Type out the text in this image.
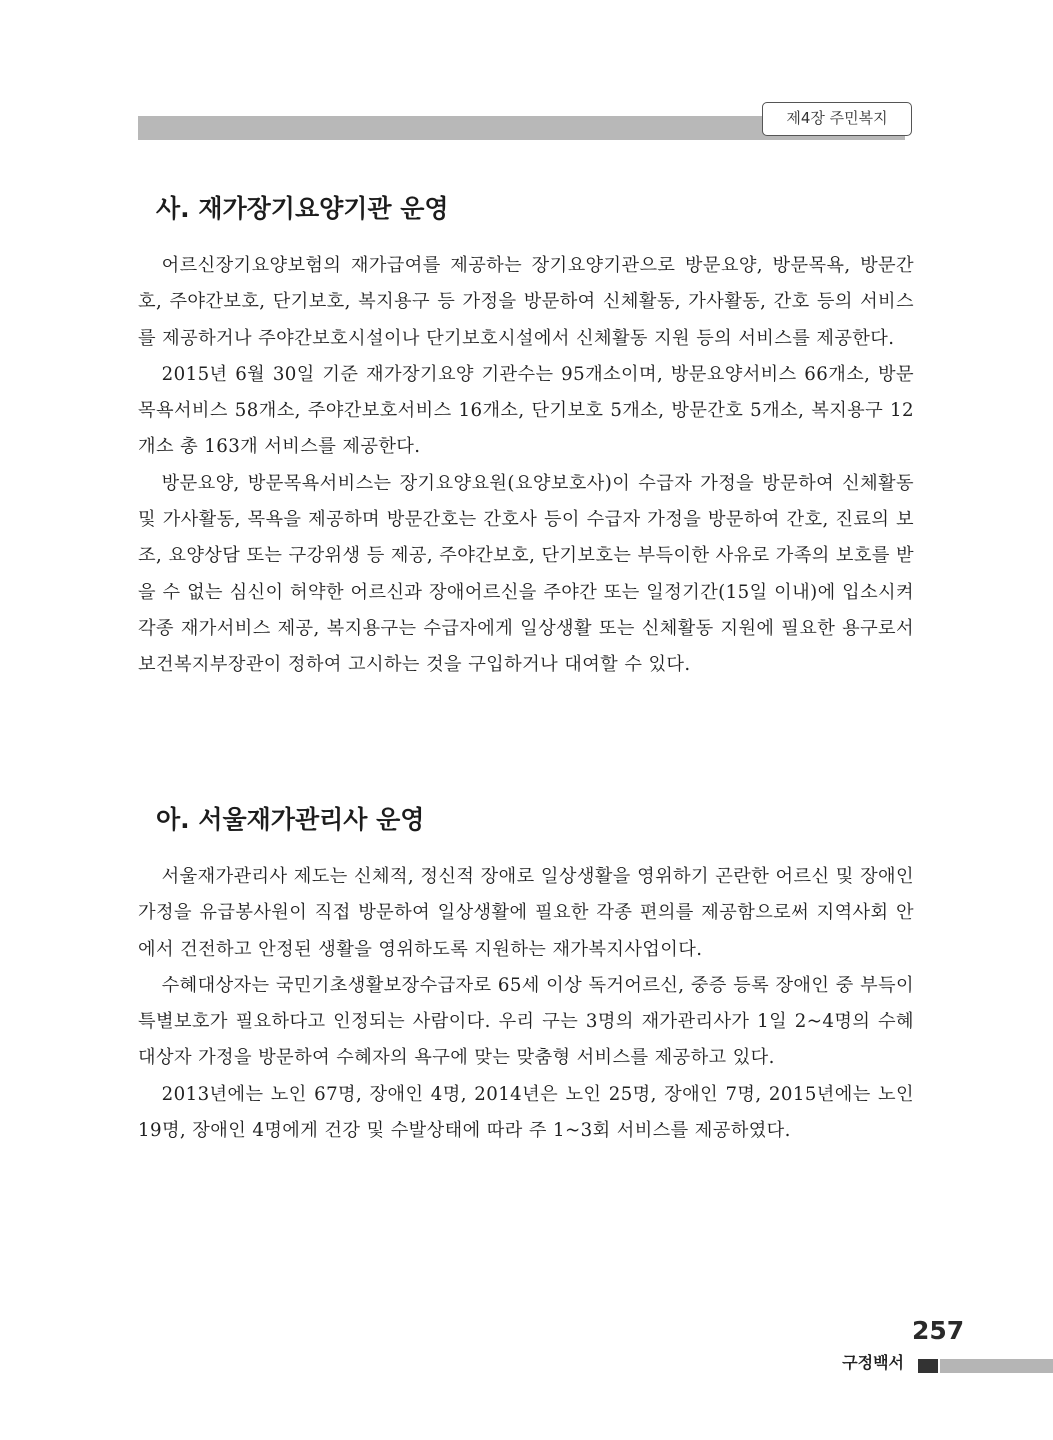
제4장 주민복지
사. 재가장기요양기관 운영

어르신장기요양보험의 재가급여를 제공하는 장기요양기관으로 방문요양, 방문목욕, 방문간호, 주야간보호, 단기보호, 복지용구 등 가정을 방문하여 신체활동, 가사활동, 간호 등의 서비스를 제공하거나 주야간보호시설이나 단기보호시설에서 신체활동 지원 등의 서비스를 제공한다.

2015년 6월 30일 기준 재가장기요양 기관수는 95개소이며, 방문요양서비스 66개소, 방문목욕서비스 58개소, 주야간보호서비스 16개소, 단기보호 5개소, 방문간호 5개소, 복지용구 12개소 총 163개 서비스를 제공한다.

방문요양, 방문목욕서비스는 장기요양요원(요양보호사)이 수급자 가정을 방문하여 신체활동 및 가사활동, 목욕을 제공하며 방문간호는 간호사 등이 수급자 가정을 방문하여 간호, 진료의 보조, 요양상담 또는 구강위생 등 제공, 주야간보호, 단기보호는 부득이한 사유로 가족의 보호를 받을 수 없는 심신이 허약한 어르신과 장애어르신을 주야간 또는 일정기간(15일 이내)에 입소시켜 각종 재가서비스 제공, 복지용구는 수급자에게 일상생활 또는 신체활동 지원에 필요한 용구로서 보건복지부장관이 정하여 고시하는 것을 구입하거나 대여할 수 있다.

아. 서울재가관리사 운영

서울재가관리사 제도는 신체적, 정신적 장애로 일상생활을 영위하기 곤란한 어르신 및 장애인 가정을 유급봉사원이 직접 방문하여 일상생활에 필요한 각종 편의를 제공함으로써 지역사회 안에서 건전하고 안정된 생활을 영위하도록 지원하는 재가복지사업이다.

수혜대상자는 국민기초생활보장수급자로 65세 이상 독거어르신, 중증 등록 장애인 중 부득이 특별보호가 필요하다고 인정되는 사람이다. 우리 구는 3명의 재가관리사가 1일 2~4명의 수혜대상자 가정을 방문하여 수혜자의 욕구에 맞는 맞춤형 서비스를 제공하고 있다.

2013년에는 노인 67명, 장애인 4명, 2014년은 노인 25명, 장애인 7명, 2015년에는 노인 19명, 장애인 4명에게 건강 및 수발상태에 따라 주 1~3회 서비스를 제공하였다.

257
구정백서
